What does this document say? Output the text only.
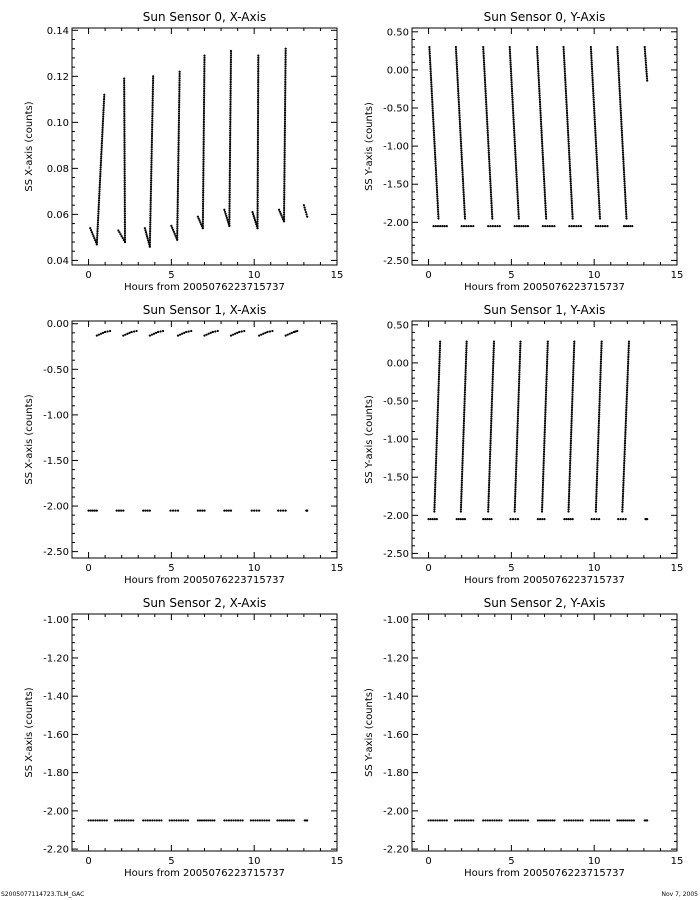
Sun Sensor 0, X-Axis
0	5	10	15
0.04
0.06
0.08
0.10
0.12
0.14
Hours from 2005076223715737
SS X-axis (counts)
Sun Sensor 0, Y-Axis
0	5	10	15
0.50
0.00
-0.50
-1.00
-1.50
-2.00
-2.50
Hours from 2005076223715737
SS Y-axis (counts)
Sun Sensor 1, X-Axis
0	5	10	15
0.00
-0.50
-1.00
-1.50
-2.00
-2.50
Hours from 2005076223715737
SS X-axis (counts)
Sun Sensor 1, Y-Axis
0	5	10	15
0.50
0.00
-0.50
-1.00
-1.50
-2.00
-2.50
Hours from 2005076223715737
SS Y-axis (counts)
Sun Sensor 2, X-Axis
0	5	10	15
-1.00
-1.20
-1.40
-1.60
-1.80
-2.00
-2.20
Hours from 2005076223715737
SS X-axis (counts)
Sun Sensor 2, Y-Axis
0	5	10	15
-1.00
-1.20
-1.40
-1.60
-1.80
-2.00
-2.20
Hours from 2005076223715737
SS Y-axis (counts)
S2005077114723.TLM_GAC	Nov 7, 2005
